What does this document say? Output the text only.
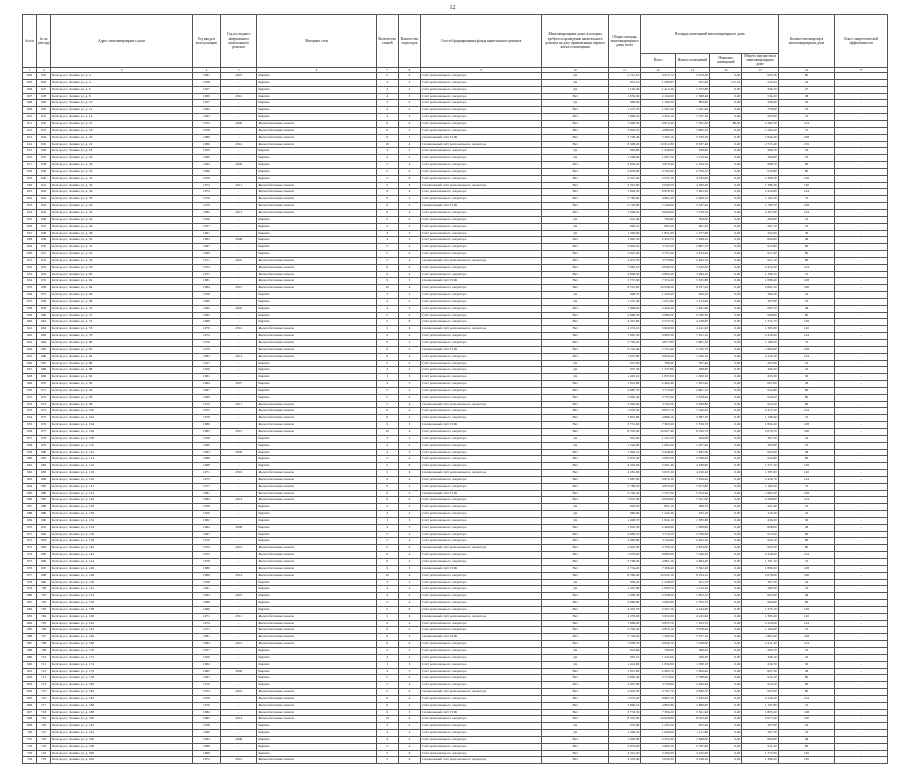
12
№ п/п	№ по реестру	Адрес многоквартирного дома	Год ввода в эксплуатацию	Год последнего завершенного капитального ремонта	Материал стен	Количество этажей	Количество подъездов	Способ формирования фонда капитального ремонта	Многоквартирные дома, в которых требуется проведение капитального ремонта на дату приватизации первого жилого помещения	Общая площадь многоквартирного дома, всего	Площадь помещений многоквартирного дома				Количество квартир в многоквартирном доме	Класс энергетической эффективности
											Всего	Жилых помещений	Нежилых помещений	Общего имущества в многоквартирном доме		
1	2	3	4	5	6	7	8	9	10	11	12	13	14	15	16	17
604	625	Белгород г, Ленина ул, д. 2	1981	2007	Кирпич	5	4	Счёт регионального оператора	Да	2 741,10	3 611,74	2 676,48	0,00	935,26	80	-
605	626	Белгород г, Ленина ул, д. 4	1958	-	Кирпич	3	2	Счёт регионального оператора	Да	951,10	1 268,95	931,40	127,12	210,43	24	-
606	627	Белгород г, Ленина ул, д. 6	1957	-	Кирпич	3	2	Счёт регионального оператора	Да	1 102,30	1 412,50	1 075,80	0,00	336,70	27	-
607	628	Белгород г, Ленина ул, д. 8	1960	2012	Кирпич	4	3	Счёт регионального оператора	Нет	1 630,90	2 102,60	1 568,40	0,00	534,20	48	-
608	629	Белгород г, Ленина ул, д. 10	1957	-	Кирпич	3	2	Счёт регионального оператора	Да	906,40	1 180,30	883,90	0,00	296,40	24	-
609	630	Белгород г, Ленина ул, д. 12	1962	-	Кирпич	4	2	Счёт регионального оператора	Нет	1 215,70	1 561,20	1 181,60	0,00	379,60	32	-
610	631	Белгород г, Ленина ул, д. 14	1963	-	Кирпич	4	3	Счёт регионального оператора	Нет	1 866,20	2 395,10	1 797,30	0,00	597,80	52	-
611	632	Белгород г, Ленина ул, д. 16	1975	2009	Железобетонные панели	9	4	Счёт регионального оператора	Нет	7 640,50	9 812,40	7 361,20	86,90	2 364,30	144	-
612	633	Белгород г, Ленина ул, д. 18	1978	-	Железобетонные панели	9	2	Счёт регионального оператора	Нет	3 803,70	4 889,60	3 685,10	0,00	1 204,50	72	-
613	634	Белгород г, Ленина ул, д. 20	1980	-	Железобетонные панели	9	3	Специальный счёт ТСЖ	Нет	5 728,40	7 365,10	5 520,70	0,00	1 844,40	108	-
614	635	Белгород г, Ленина ул, д. 22	1986	2014	Железобетонные панели	10	4	Специальный счёт регионального оператора	Нет	8 498,20	10 912,80	8 187,40	0,00	2 725,40	159	-
615	636	Белгород г, Ленина ул, д. 24	1959	-	Кирпич	3	2	Счёт регионального оператора	Да	963,80	1 246,60	939,90	0,00	306,70	24	-
616	637	Белгород г, Ленина ул, д. 26	1960	-	Кирпич	4	2	Счёт регионального оператора	Да	1 248,00	1 607,30	1 210,50	0,00	396,80	32	-
617	638	Белгород г, Ленина ул, д. 28	1964	2006	Кирпич	5	4	Счёт регионального оператора	Нет	2 850,20	3 673,40	2 764,70	0,00	908,70	80	-
618	639	Белгород г, Ленина ул, д. 30	1966	-	Кирпич	5	4	Счёт регионального оператора	Нет	2 879,60	3 704,90	2 794,10	0,00	910,80	80	-
619	640	Белгород г, Ленина ул, д. 32	1970	-	Кирпич	5	6	Счёт регионального оператора	Нет	4 312,40	5 551,10	4 183,00	0,00	1 368,10	120	-
620	641	Белгород г, Ленина ул, д. 34	1972	2011	Железобетонные панели	5	6	Специальный счёт регионального оператора	Нет	4 391,90	5 649,50	4 260,20	0,00	1 389,30	120	-
621	642	Белгород г, Ленина ул, д. 36	1974	-	Железобетонные панели	9	4	Счёт регионального оператора	Нет	7 694,30	9 878,30	7 463,50	0,00	2 414,80	144	-
622	643	Белгород г, Ленина ул, д. 38	1976	-	Железобетонные панели	9	2	Счёт регионального оператора	Нет	3 782,60	4 861,40	3 669,10	0,00	1 192,30	72	-
623	644	Белгород г, Ленина ул, д. 40	1979	-	Железобетонные панели	9	3	Специальный счёт ТСЖ	Нет	5 718,80	7 346,90	5 547,20	0,00	1 799,70	108	-
624	645	Белгород г, Ленина ул, д. 42	1982	2013	Железобетонные панели	9	4	Счёт регионального оператора	Нет	7 648,20	9 826,60	7 418,70	0,00	2 407,90	144	-
625	646	Белгород г, Ленина ул, д. 44	1956	-	Кирпич	2	2	Счёт регионального оператора	Да	612,40	794,80	594,00	0,00	200,80	16	-
626	647	Белгород г, Ленина ул, д. 46	1957	-	Кирпич	2	2	Счёт регионального оператора	Да	620,10	803,20	601,50	0,00	201,70	16	-
627	648	Белгород г, Ленина ул, д. 48	1961	-	Кирпич	3	3	Счёт регионального оператора	Да	1 420,60	1 831,90	1 377,90	0,00	454,00	36	-
628	649	Белгород г, Ленина ул, д. 50	1963	2008	Кирпич	4	3	Счёт регионального оператора	Нет	1 905,30	2 452,70	1 848,10	0,00	604,60	48	-
629	650	Белгород г, Ленина ул, д. 52	1967	-	Кирпич	5	4	Счёт регионального оператора	Нет	2 894,50	3 723,50	2 807,70	0,00	915,80	80	-
630	651	Белгород г, Ленина ул, д. 54	1969	-	Кирпич	5	4	Счёт регионального оператора	Нет	2 901,20	3 731,60	2 814,20	0,00	917,40	80	-
631	652	Белгород г, Ленина ул, д. 56	1971	2010	Железобетонные панели	5	4	Специальный счёт регионального оператора	Нет	2 931,70	3 770,80	2 843,70	0,00	927,10	80	-
632	653	Белгород г, Ленина ул, д. 58	1973	-	Железобетонные панели	9	4	Счёт регионального оператора	Нет	7 662,10	9 846,50	7 432,20	0,00	2 414,30	144	-
633	654	Белгород г, Ленина ул, д. 60	1977	-	Железобетонные панели	9	2	Счёт регионального оператора	Нет	3 808,30	4 893,20	3 694,10	0,00	1 199,10	72	-
634	655	Белгород г, Ленина ул, д. 62	1981	-	Железобетонные панели	9	3	Специальный счёт ТСЖ	Нет	5 737,90	7 374,20	5 565,80	0,00	1 808,40	108	-
635	656	Белгород г, Ленина ул, д. 64	1984	2015	Железобетонные панели	10	4	Счёт регионального оператора	Нет	8 512,60	10 938,50	8 257,20	0,00	2 681,30	160	-
636	657	Белгород г, Ленина ул, д. 66	1958	-	Кирпич	3	2	Счёт регионального оператора	Да	948,70	1 226,40	920,20	0,00	306,20	24	-
637	658	Белгород г, Ленина ул, д. 68	1960	-	Кирпич	4	2	Счёт регионального оператора	Да	1 251,40	1 611,80	1 213,90	0,00	397,90	32	-
638	659	Белгород г, Ленина ул, д. 70	1962	2005	Кирпич	4	3	Счёт регионального оператора	Нет	1 898,60	2 444,30	1 841,60	0,00	602,70	48	-
639	660	Белгород г, Ленина ул, д. 72	1965	-	Кирпич	5	4	Счёт регионального оператора	Нет	2 866,30	3 689,20	2 780,30	0,00	908,90	80	-
640	661	Белгород г, Ленина ул, д. 74	1968	-	Кирпич	5	6	Счёт регионального оператора	Нет	4 327,80	5 572,70	4 198,00	0,00	1 374,70	120	-
641	662	Белгород г, Ленина ул, д. 76	1970	2012	Железобетонные панели	5	6	Специальный счёт регионального оператора	Нет	4 372,10	5 624,90	4 241,00	0,00	1 383,90	120	-
642	663	Белгород г, Ленина ул, д. 78	1974	-	Железобетонные панели	9	4	Счёт регионального оператора	Нет	7 681,50	9 869,30	7 451,10	0,00	2 418,20	144	-
643	664	Белгород г, Ленина ул, д. 80	1976	-	Железобетонные панели	9	2	Счёт регионального оператора	Нет	3 795,20	4 877,80	3 681,30	0,00	1 196,50	72	-
644	665	Белгород г, Ленина ул, д. 82	1979	-	Железобетонные панели	9	3	Специальный счёт ТСЖ	Нет	5 722,40	7 351,60	5 550,70	0,00	1 800,90	108	-
645	666	Белгород г, Ленина ул, д. 84	1983	2014	Железобетонные панели	9	4	Счёт регионального оператора	Нет	7 655,80	9 836,20	7 426,10	0,00	2 410,10	144	-
646	667	Белгород г, Ленина ул, д. 86	1957	-	Кирпич	2	2	Счёт регионального оператора	Да	615,90	798,40	597,40	0,00	201,00	16	-
647	668	Белгород г, Ленина ул, д. 88	1959	-	Кирпич	3	2	Счёт регионального оператора	Да	957,30	1 237,80	928,60	0,00	309,20	24	-
648	669	Белгород г, Ленина ул, д. 90	1961	-	Кирпич	3	3	Счёт регионального оператора	Да	1 425,10	1 837,60	1 382,30	0,00	455,30	36	-
649	670	Белгород г, Ленина ул, д. 92	1964	2007	Кирпич	4	3	Счёт регионального оператора	Нет	1 912,80	2 462,40	1 855,40	0,00	607,00	48	-
650	671	Белгород г, Ленина ул, д. 94	1967	-	Кирпич	5	4	Счёт регионального оператора	Нет	2 887,70	3 715,90	2 801,10	0,00	914,80	80	-
651	672	Белгород г, Ленина ул, д. 96	1969	-	Кирпич	5	4	Счёт регионального оператора	Нет	2 905,40	3 737,20	2 818,20	0,00	919,00	80	-
652	673	Белгород г, Ленина ул, д. 98	1972	2011	Железобетонные панели	5	4	Специальный счёт регионального оператора	Нет	2 926,60	3 764,30	2 838,80	0,00	925,50	80	-
653	674	Белгород г, Ленина ул, д. 100	1975	-	Железобетонные панели	9	4	Счёт регионального оператора	Нет	7 670,30	9 857,70	7 440,20	0,00	2 417,50	144	-
654	675	Белгород г, Ленина ул, д. 102	1978	-	Железобетонные панели	9	2	Счёт регионального оператора	Нет	3 801,80	4 886,10	3 687,70	0,00	1 198,40	72	-
655	676	Белгород г, Ленина ул, д. 104	1980	-	Железобетонные панели	9	3	Специальный счёт ТСЖ	Нет	5 731,60	7 363,90	5 559,70	0,00	1 804,20	108	-
656	677	Белгород г, Ленина ул, д. 106	1985	2015	Железобетонные панели	10	4	Счёт регионального оператора	Нет	8 505,90	10 927,40	8 250,70	0,00	2 676,70	160	-
657	678	Белгород г, Ленина ул, д. 108	1958	-	Кирпич	3	2	Счёт регионального оператора	Да	952,60	1 231,50	924,00	0,00	307,50	24	-
658	679	Белгород г, Ленина ул, д. 110	1960	-	Кирпич	4	2	Счёт регионального оператора	Да	1 244,80	1 603,20	1 207,40	0,00	395,80	32	-
659	680	Белгород г, Ленина ул, д. 112	1963	2006	Кирпич	4	3	Счёт регионального оператора	Нет	1 902,10	2 448,90	1 845,00	0,00	603,90	48	-
660	681	Белгород г, Ленина ул, д. 114	1966	-	Кирпич	5	4	Счёт регионального оператора	Нет	2 872,40	3 697,00	2 786,20	0,00	910,80	80	-
661	682	Белгород г, Ленина ул, д. 116	1968	-	Кирпич	5	6	Счёт регионального оператора	Нет	4 319,50	5 561,40	4 189,90	0,00	1 371,50	120	-
662	683	Белгород г, Ленина ул, д. 118	1971	2010	Железобетонные панели	5	6	Специальный счёт регионального оператора	Нет	4 381,60	5 637,20	4 250,20	0,00	1 387,00	120	-
663	684	Белгород г, Ленина ул, д. 120	1973	-	Железобетонные панели	9	4	Счёт регионального оператора	Нет	7 687,00	9 876,10	7 456,40	0,00	2 419,70	144	-
664	685	Белгород г, Ленина ул, д. 122	1977	-	Железобетонные панели	9	2	Счёт регионального оператора	Нет	3 789,50	4 870,30	3 675,80	0,00	1 194,50	72	-
665	686	Белгород г, Ленина ул, д. 124	1981	-	Железобетонные панели	9	3	Специальный счёт ТСЖ	Нет	5 726,30	7 357,00	5 554,50	0,00	1 802,50	108	-
666	687	Белгород г, Ленина ул, д. 126	1984	2013	Железобетонные панели	9	4	Счёт регионального оператора	Нет	7 651,40	9 830,80	7 421,90	0,00	2 408,90	144	-
667	688	Белгород г, Ленина ул, д. 128	1956	-	Кирпич	2	2	Счёт регионального оператора	Да	618,20	801,10	599,70	0,00	201,40	16	-
668	689	Белгород г, Ленина ул, д. 130	1959	-	Кирпич	3	2	Счёт регионального оператора	Да	960,90	1 242,30	932,10	0,00	310,20	24	-
669	690	Белгород г, Ленина ул, д. 132	1962	-	Кирпич	3	3	Счёт регионального оператора	Да	1 428,70	1 842,10	1 385,80	0,00	456,30	36	-
670	691	Белгород г, Ленина ул, д. 134	1964	2008	Кирпич	4	3	Счёт регионального оператора	Нет	1 916,30	2 466,80	1 858,80	0,00	608,00	48	-
671	692	Белгород г, Ленина ул, д. 136	1967	-	Кирпич	5	4	Счёт регионального оператора	Нет	2 883,10	3 710,20	2 796,60	0,00	913,60	80	-
672	693	Белгород г, Ленина ул, д. 138	1970	-	Кирпич	5	4	Счёт регионального оператора	Нет	2 909,80	3 742,60	2 822,50	0,00	920,10	80	-
673	694	Белгород г, Ленина ул, д. 140	1972	2012	Железобетонные панели	5	4	Специальный счёт регионального оператора	Нет	2 922,30	3 759,10	2 834,60	0,00	924,50	80	-
674	695	Белгород г, Ленина ул, д. 142	1975	-	Железобетонные панели	9	4	Счёт регионального оператора	Нет	7 676,60	9 864,90	7 446,30	0,00	2 418,60	144	-
675	696	Белгород г, Ленина ул, д. 144	1978	-	Железобетонные панели	9	2	Счёт регионального оператора	Нет	3 798,40	4 881,50	3 684,40	0,00	1 197,10	72	-
676	697	Белгород г, Ленина ул, д. 146	1980	-	Железобетонные панели	9	3	Специальный счёт ТСЖ	Нет	5 734,20	7 368,40	5 562,20	0,00	1 806,20	108	-
677	698	Белгород г, Ленина ул, д. 148	1986	2014	Железобетонные панели	10	4	Счёт регионального оператора	Нет	8 509,40	10 932,10	8 254,10	0,00	2 678,00	160	-
678	699	Белгород г, Ленина ул, д. 150	1958	-	Кирпич	3	2	Счёт регионального оператора	Да	950,20	1 228,90	921,70	0,00	307,20	24	-
679	700	Белгород г, Ленина ул, д. 152	1961	-	Кирпич	4	2	Счёт регионального оператора	Да	1 247,60	1 606,70	1 210,20	0,00	396,50	32	-
680	701	Белгород г, Ленина ул, д. 154	1963	2007	Кирпич	4	3	Счёт регионального оператора	Нет	1 909,40	2 458,00	1 852,10	0,00	605,90	48	-
681	702	Белгород г, Ленина ул, д. 156	1966	-	Кирпич	5	4	Счёт регионального оператора	Нет	2 869,80	3 693,60	2 783,70	0,00	909,90	80	-
682	703	Белгород г, Ленина ул, д. 158	1969	-	Кирпич	5	6	Счёт регионального оператора	Нет	4 323,70	5 567,10	4 194,00	0,00	1 373,10	120	-
683	704	Белгород г, Ленина ул, д. 160	1971	2011	Железобетонные панели	5	6	Специальный счёт регионального оператора	Нет	4 376,90	5 631,00	4 245,60	0,00	1 385,40	120	-
684	705	Белгород г, Ленина ул, д. 162	1974	-	Железобетонные панели	9	4	Счёт регионального оператора	Нет	7 684,20	9 872,70	7 453,70	0,00	2 419,00	144	-
685	706	Белгород г, Ленина ул, д. 164	1977	-	Железобетонные панели	9	2	Счёт регионального оператора	Нет	3 792,30	4 874,10	3 678,50	0,00	1 195,60	72	-
686	707	Белгород г, Ленина ул, д. 166	1981	-	Железобетонные панели	9	3	Специальный счёт ТСЖ	Нет	5 729,00	7 360,50	5 557,10	0,00	1 803,40	108	-
687	708	Белгород г, Ленина ул, д. 168	1983	2015	Железобетонные панели	9	4	Счёт регионального оператора	Нет	7 658,70	9 840,10	7 428,90	0,00	2 411,20	144	-
688	709	Белгород г, Ленина ул, д. 170	1957	-	Кирпич	2	2	Счёт регионального оператора	Да	614,60	796,90	596,20	0,00	200,70	16	-
689	710	Белгород г, Ленина ул, д. 172	1959	-	Кирпич	3	2	Счёт регионального оператора	Да	955,10	1 234,60	926,50	0,00	308,10	24	-
690	711	Белгород г, Ленина ул, д. 174	1962	-	Кирпич	3	3	Счёт регионального оператора	Да	1 422,80	1 834,80	1 380,10	0,00	454,70	36	-
691	712	Белгород г, Ленина ул, д. 176	1965	2006	Кирпич	4	3	Счёт регионального оператора	Нет	1 913,90	2 463,70	1 856,40	0,00	607,30	48	-
692	713	Белгород г, Ленина ул, д. 178	1967	-	Кирпич	5	4	Счёт регионального оператора	Нет	2 885,40	3 713,00	2 798,90	0,00	914,10	80	-
693	714	Белгород г, Ленина ул, д. 180	1970	-	Кирпич	5	4	Счёт регионального оператора	Нет	2 907,60	3 739,90	2 820,40	0,00	919,50	80	-
694	715	Белгород г, Ленина ул, д. 182	1973	2010	Железобетонные панели	5	4	Специальный счёт регионального оператора	Нет	2 924,50	3 761,70	2 836,70	0,00	925,00	80	-
695	716	Белгород г, Ленина ул, д. 184	1976	-	Железобетонные панели	9	4	Счёт регионального оператора	Нет	7 673,40	9 861,30	7 443,20	0,00	2 418,10	144	-
696	717	Белгород г, Ленина ул, д. 186	1979	-	Железобетонные панели	9	2	Счёт регионального оператора	Нет	3 800,10	4 883,80	3 686,00	0,00	1 197,80	72	-
697	718	Белгород г, Ленина ул, д. 188	1982	-	Железобетонные панели	9	3	Специальный счёт ТСЖ	Нет	5 733,30	7 366,20	5 561,00	0,00	1 805,20	108	-
698	719	Белгород г, Ленина ул, д. 190	1985	2014	Железобетонные панели	10	4	Счёт регионального оператора	Нет	8 507,60	10 929,80	8 252,40	0,00	2 677,40	160	-
699	720	Белгород г, Ленина ул, д. 192	1958	-	Кирпич	3	2	Счёт регионального оператора	Да	953,90	1 233,20	925,30	0,00	307,90	24	-
700	721	Белгород г, Ленина ул, д. 194	1960	-	Кирпич	4	2	Счёт регионального оператора	Да	1 249,30	1 609,00	1 211,80	0,00	397,20	32	-
701	722	Белгород г, Ленина ул, д. 196	1963	2008	Кирпич	4	3	Счёт регионального оператора	Нет	1 905,90	2 453,40	1 848,60	0,00	604,80	48	-
702	723	Белгород г, Ленина ул, д. 198	1966	-	Кирпич	5	4	Счёт регионального оператора	Нет	2 874,00	3 699,10	2 787,90	0,00	911,20	80	-
703	724	Белгород г, Ленина ул, д. 200	1969	-	Кирпич	5	6	Счёт регионального оператора	Нет	4 321,20	5 564,00	4 192,00	0,00	1 372,00	120	-
704	725	Белгород г, Ленина ул, д. 202	1972	2012	Железобетонные панели	5	6	Специальный счёт регионального оператора	Нет	4 379,40	5 634,30	4 248,10	0,00	1 386,20	120	-
